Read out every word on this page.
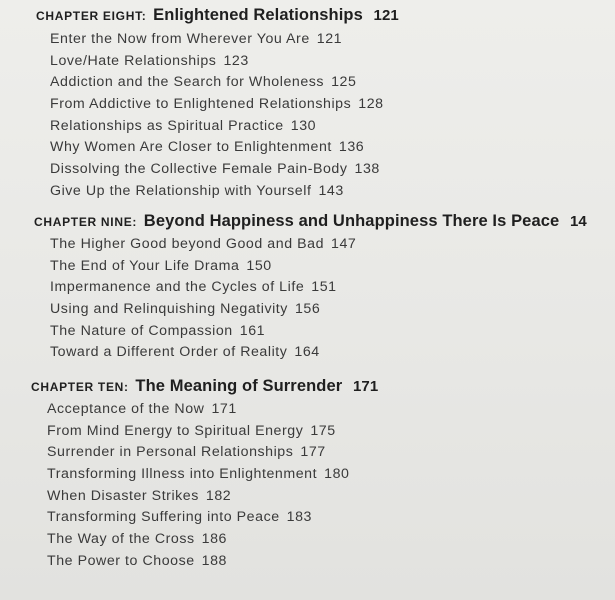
CHAPTER EIGHT: Enlightened Relationships 121
Enter the Now from Wherever You Are 121
Love/Hate Relationships 123
Addiction and the Search for Wholeness 125
From Addictive to Enlightened Relationships 128
Relationships as Spiritual Practice 130
Why Women Are Closer to Enlightenment 136
Dissolving the Collective Female Pain-Body 138
Give Up the Relationship with Yourself 143
CHAPTER NINE: Beyond Happiness and Unhappiness There Is Peace 14
The Higher Good beyond Good and Bad 147
The End of Your Life Drama 150
Impermanence and the Cycles of Life 151
Using and Relinquishing Negativity 156
The Nature of Compassion 161
Toward a Different Order of Reality 164
CHAPTER TEN: The Meaning of Surrender 171
Acceptance of the Now 171
From Mind Energy to Spiritual Energy 175
Surrender in Personal Relationships 177
Transforming Illness into Enlightenment 180
When Disaster Strikes 182
Transforming Suffering into Peace 183
The Way of the Cross 186
The Power to Choose 188
